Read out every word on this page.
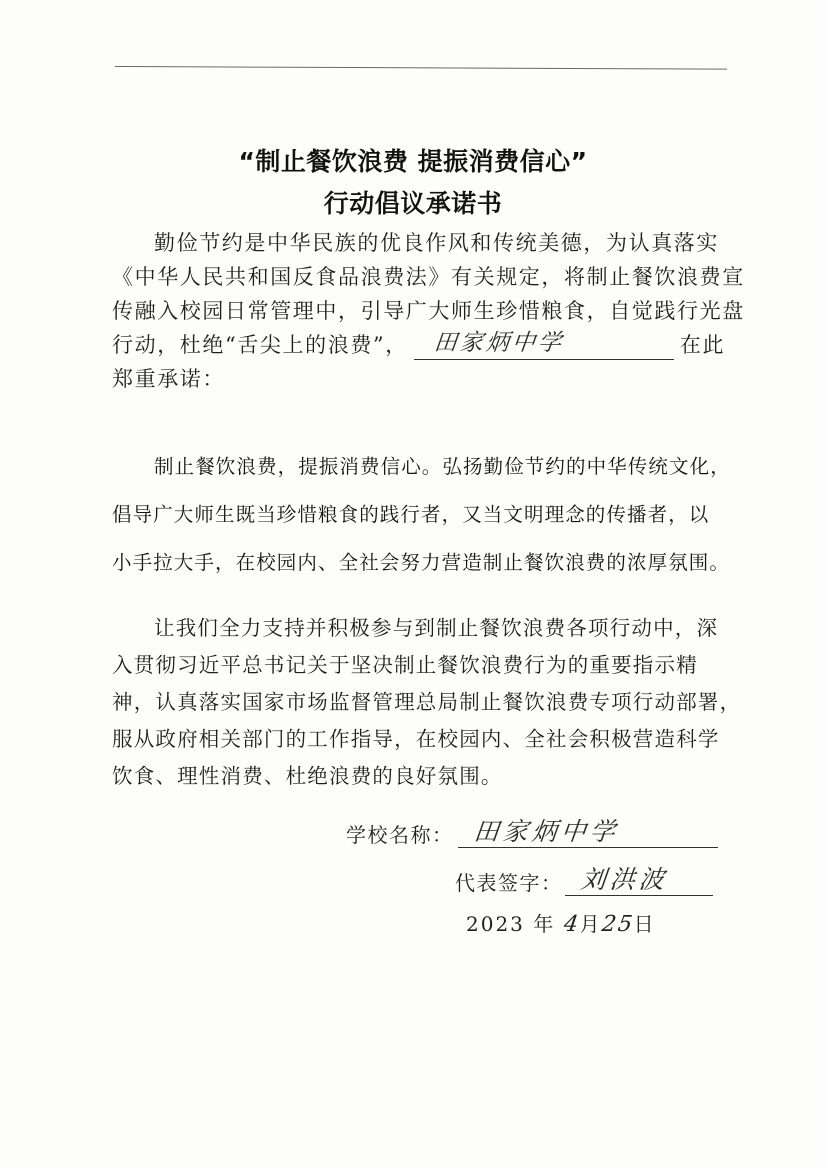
“制止餐饮浪费 提振消费信心”
行动倡议承诺书
勤俭节约是中华民族的优良作风和传统美德，为认真落实
《中华人民共和国反食品浪费法》有关规定，将制止餐饮浪费宣
传融入校园日常管理中，引导广大师生珍惜粮食，自觉践行光盘
行动，杜绝“舌尖上的浪费”， 田家炳中学	在此
郑重承诺：
制止餐饮浪费，提振消费信心。弘扬勤俭节约的中华传统文化，
倡导广大师生既当珍惜粮食的践行者，又当文明理念的传播者，以
小手拉大手，在校园内、全社会努力营造制止餐饮浪费的浓厚氛围。
让我们全力支持并积极参与到制止餐饮浪费各项行动中，深
入贯彻习近平总书记关于坚决制止餐饮浪费行为的重要指示精
神，认真落实国家市场监督管理总局制止餐饮浪费专项行动部署，
服从政府相关部门的工作指导，在校园内、全社会积极营造科学
饮食、理性消费、杜绝浪费的良好氛围。
学校名称： 田家炳中学
代表签字： 刘洪波
2023 年 4月25日
